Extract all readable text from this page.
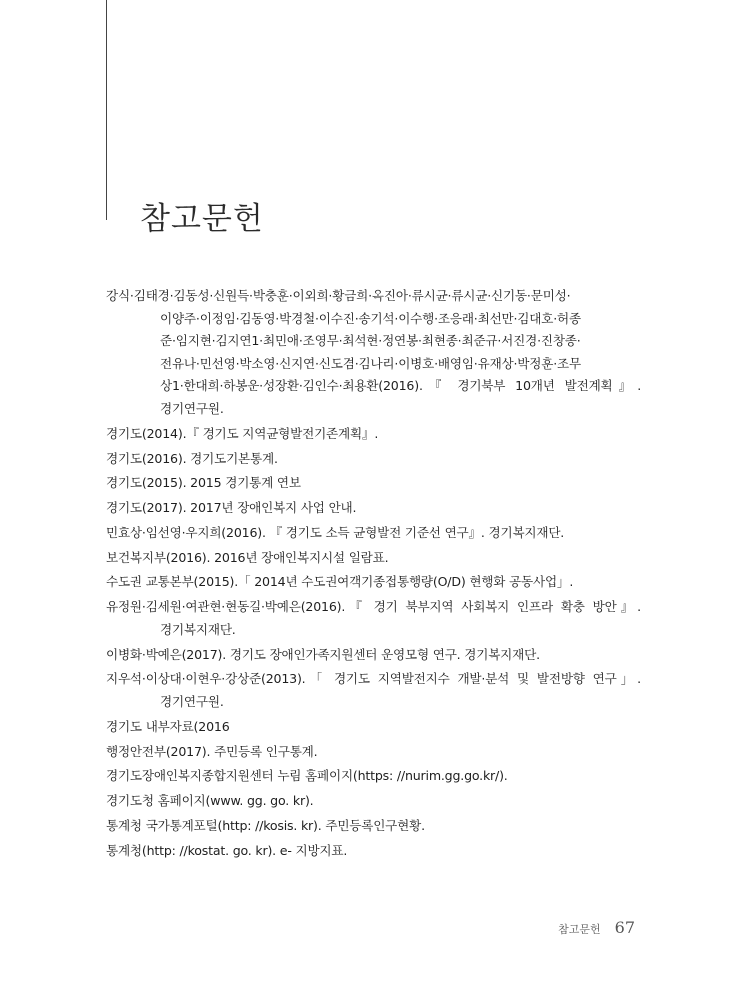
참고문헌
강식·김태경·김동성·신원득·박충훈·이외희·황금희·옥진아·류시균·류시균·신기동·문미성·
이양주·이정임·김동영·박경철·이수진·송기석·이수행·조응래·최선만·김대호·허종
준·임지현·김지연1·최민애·조영무·최석현·정연봉·최현종·최준규·서진경·진창종·
전유나·민선영·박소영·신지연·신도겸·김나리·이병호·배영임·유재상·박정훈·조무
상1·한대희·하봉운·성장환·김인수·최용환(2016).『 경기북부 10개년 발전계획』.
경기연구원.
경기도(2014).『 경기도 지역균형발전기존계획』.
경기도(2016). 경기도기본통계.
경기도(2015). 2015 경기통계 연보
경기도(2017). 2017년 장애인복지 사업 안내.
민효상·임선영·우지희(2016). 『 경기도 소득 균형발전 기준선 연구』. 경기복지재단.
보건복지부(2016). 2016년 장애인복지시설 일람표.
수도권 교통본부(2015).「 2014년 수도권여객기종접통행량(O/D) 현행화 공동사업」.
유정원·김세원·여관현·현동길·박예은(2016).『 경기 북부지역 사회복지 인프라 확충 방안』.
경기복지재단.
이병화·박예은(2017). 경기도 장애인가족지원센터 운영모형 연구. 경기복지재단.
지우석·이상대·이현우·강상준(2013).「 경기도 지역발전지수 개발·분석 및 발전방향 연구」.
경기연구원.
경기도 내부자료(2016
행정안전부(2017). 주민등록 인구통계.
경기도장애인복지종합지원센터 누림 홈페이지(https: //nurim.gg.go.kr/).
경기도청 홈페이지(www. gg. go. kr).
통계청 국가통계포털(http: //kosis. kr). 주민등록인구현황.
통계청(http: //kostat. go. kr). e- 지방지표.
참고문헌 67
